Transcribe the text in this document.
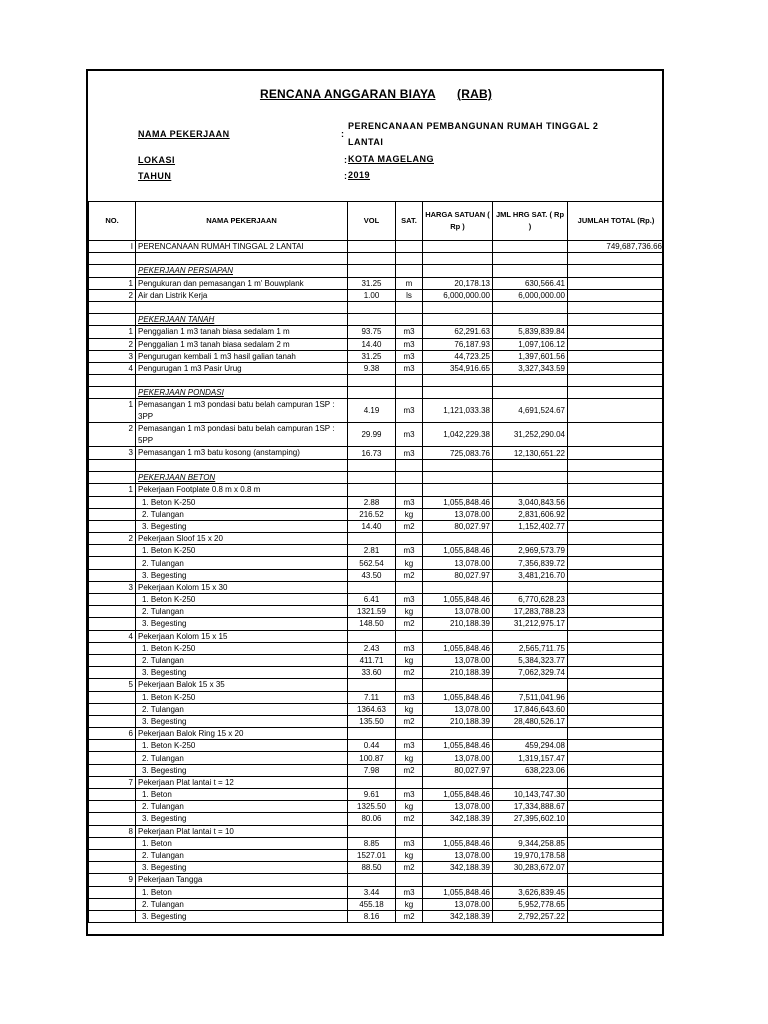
RENCANA ANGGARAN BIAYA (RAB)
NAMA PEKERJAAN	:
PERENCANAAN PEMBANGUNAN RUMAH TINGGAL 2
LANTAI
LOKASI	: KOTA MAGELANG
TAHUN	: 2019
NO.	NAMA PEKERJAAN	VOL	SAT.	HARGA SATUAN ( Rp )	JML HRG SAT. ( Rp )	JUMLAH TOTAL (Rp.)
I	PERENCANAAN RUMAH TINGGAL 2 LANTAI					749,687,736.66

	PEKERJAAN PERSIAPAN					
1	Pengukuran dan pemasangan 1 m' Bouwplank	31.25	m	20,178.13	630,566.41	
2	Air dan Listrik Kerja	1.00	ls	6,000,000.00	6,000,000.00	

	PEKERJAAN TANAH					
1	Penggalian 1 m3 tanah biasa sedalam 1 m	93.75	m3	62,291.63	5,839,839.84	
2	Penggalian 1 m3 tanah biasa sedalam 2 m	14.40	m3	76,187.93	1,097,106.12	
3	Pengurugan kembali 1 m3 hasil galian tanah	31.25	m3	44,723.25	1,397,601.56	
4	Pengurugan 1 m3 Pasir Urug	9.38	m3	354,916.65	3,327,343.59	

	PEKERJAAN PONDASI					
1	Pemasangan 1 m3 pondasi batu belah campuran 1SP : 3PP	4.19	m3	1,121,033.38	4,691,524.67	
2	Pemasangan 1 m3 pondasi batu belah campuran 1SP : 5PP	29.99	m3	1,042,229.38	31,252,290.04	
3	Pemasangan 1 m3 batu kosong (anstamping)	16.73	m3	725,083.76	12,130,651.22	

	PEKERJAAN BETON					
1	Pekerjaan Footplate 0.8 m x 0.8 m					
	1. Beton K-250	2.88	m3	1,055,848.46	3,040,843.56	
	2. Tulangan	216.52	kg	13,078.00	2,831,606.92	
	3. Begesting	14.40	m2	80,027.97	1,152,402.77	
2	Pekerjaan Sloof 15 x 20					
	1. Beton K-250	2.81	m3	1,055,848.46	2,969,573.79	
	2. Tulangan	562.54	kg	13,078.00	7,356,839.72	
	3. Begesting	43.50	m2	80,027.97	3,481,216.70	
3	Pekerjaan Kolom 15 x 30					
	1. Beton K-250	6.41	m3	1,055,848.46	6,770,628.23	
	2. Tulangan	1321.59	kg	13,078.00	17,283,788.23	
	3. Begesting	148.50	m2	210,188.39	31,212,975.17	
4	Pekerjaan Kolom 15 x 15					
	1. Beton K-250	2.43	m3	1,055,848.46	2,565,711.75	
	2. Tulangan	411.71	kg	13,078.00	5,384,323.77	
	3. Begesting	33.60	m2	210,188.39	7,062,329.74	
5	Pekerjaan Balok 15 x 35					
	1. Beton K-250	7.11	m3	1,055,848.46	7,511,041.96	
	2. Tulangan	1364.63	kg	13,078.00	17,846,643.60	
	3. Begesting	135.50	m2	210,188.39	28,480,526.17	
6	Pekerjaan Balok Ring 15 x 20					
	1. Beton K-250	0.44	m3	1,055,848.46	459,294.08	
	2. Tulangan	100.87	kg	13,078.00	1,319,157.47	
	3. Begesting	7.98	m2	80,027.97	638,223.06	
7	Pekerjaan Plat lantai t = 12					
	1. Beton	9.61	m3	1,055,848.46	10,143,747.30	
	2. Tulangan	1325.50	kg	13,078.00	17,334,888.67	
	3. Begesting	80.06	m2	342,188.39	27,395,602.10	
8	Pekerjaan Plat lantai t = 10					
	1. Beton	8.85	m3	1,055,848.46	9,344,258.85	
	2. Tulangan	1527.01	kg	13,078.00	19,970,178.58	
	3. Begesting	88.50	m2	342,188.39	30,283,672.07	
9	Pekerjaan Tangga					
	1. Beton	3.44	m3	1,055,848.46	3,626,839.45	
	2. Tulangan	455.18	kg	13,078.00	5,952,778.65	
	3. Begesting	8.16	m2	342,188.39	2,792,257.22	
